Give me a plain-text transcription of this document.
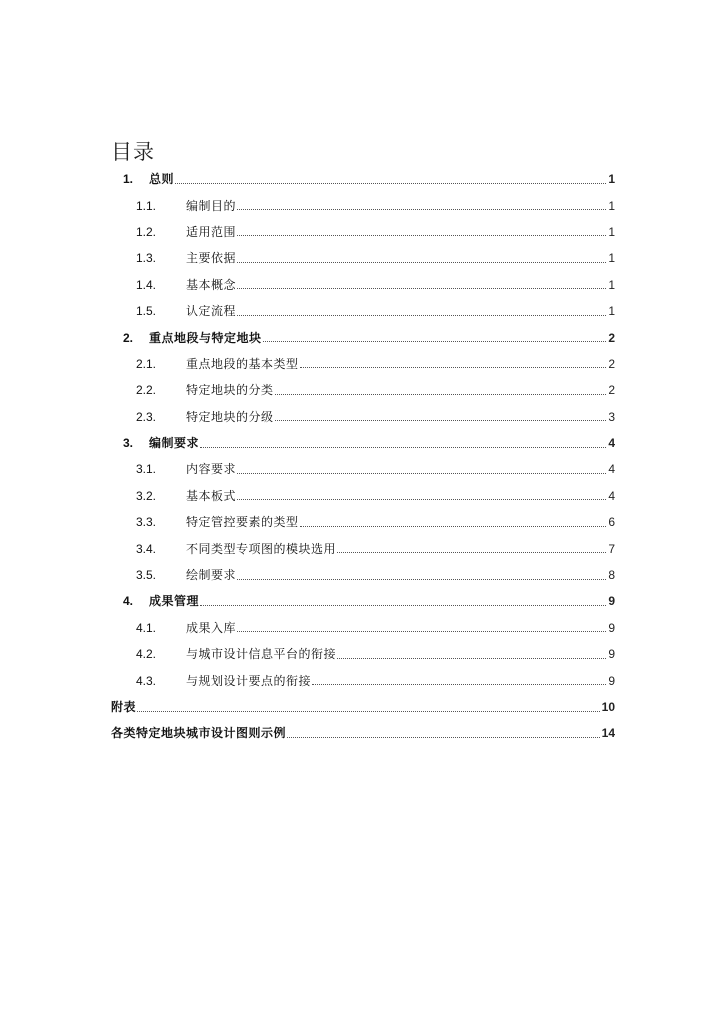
目录
1.	总则	1
1.1.	编制目的	1
1.2.	适用范围	1
1.3.	主要依据	1
1.4.	基本概念	1
1.5.	认定流程	1
2.	重点地段与特定地块	2
2.1.	重点地段的基本类型	2
2.2.	特定地块的分类	2
2.3.	特定地块的分级	3
3.	编制要求	4
3.1.	内容要求	4
3.2.	基本板式	4
3.3.	特定管控要素的类型	6
3.4.	不同类型专项图的模块选用	7
3.5.	绘制要求	8
4.	成果管理	9
4.1.	成果入库	9
4.2.	与城市设计信息平台的衔接	9
4.3.	与规划设计要点的衔接	9
附表	10
各类特定地块城市设计图则示例	14
